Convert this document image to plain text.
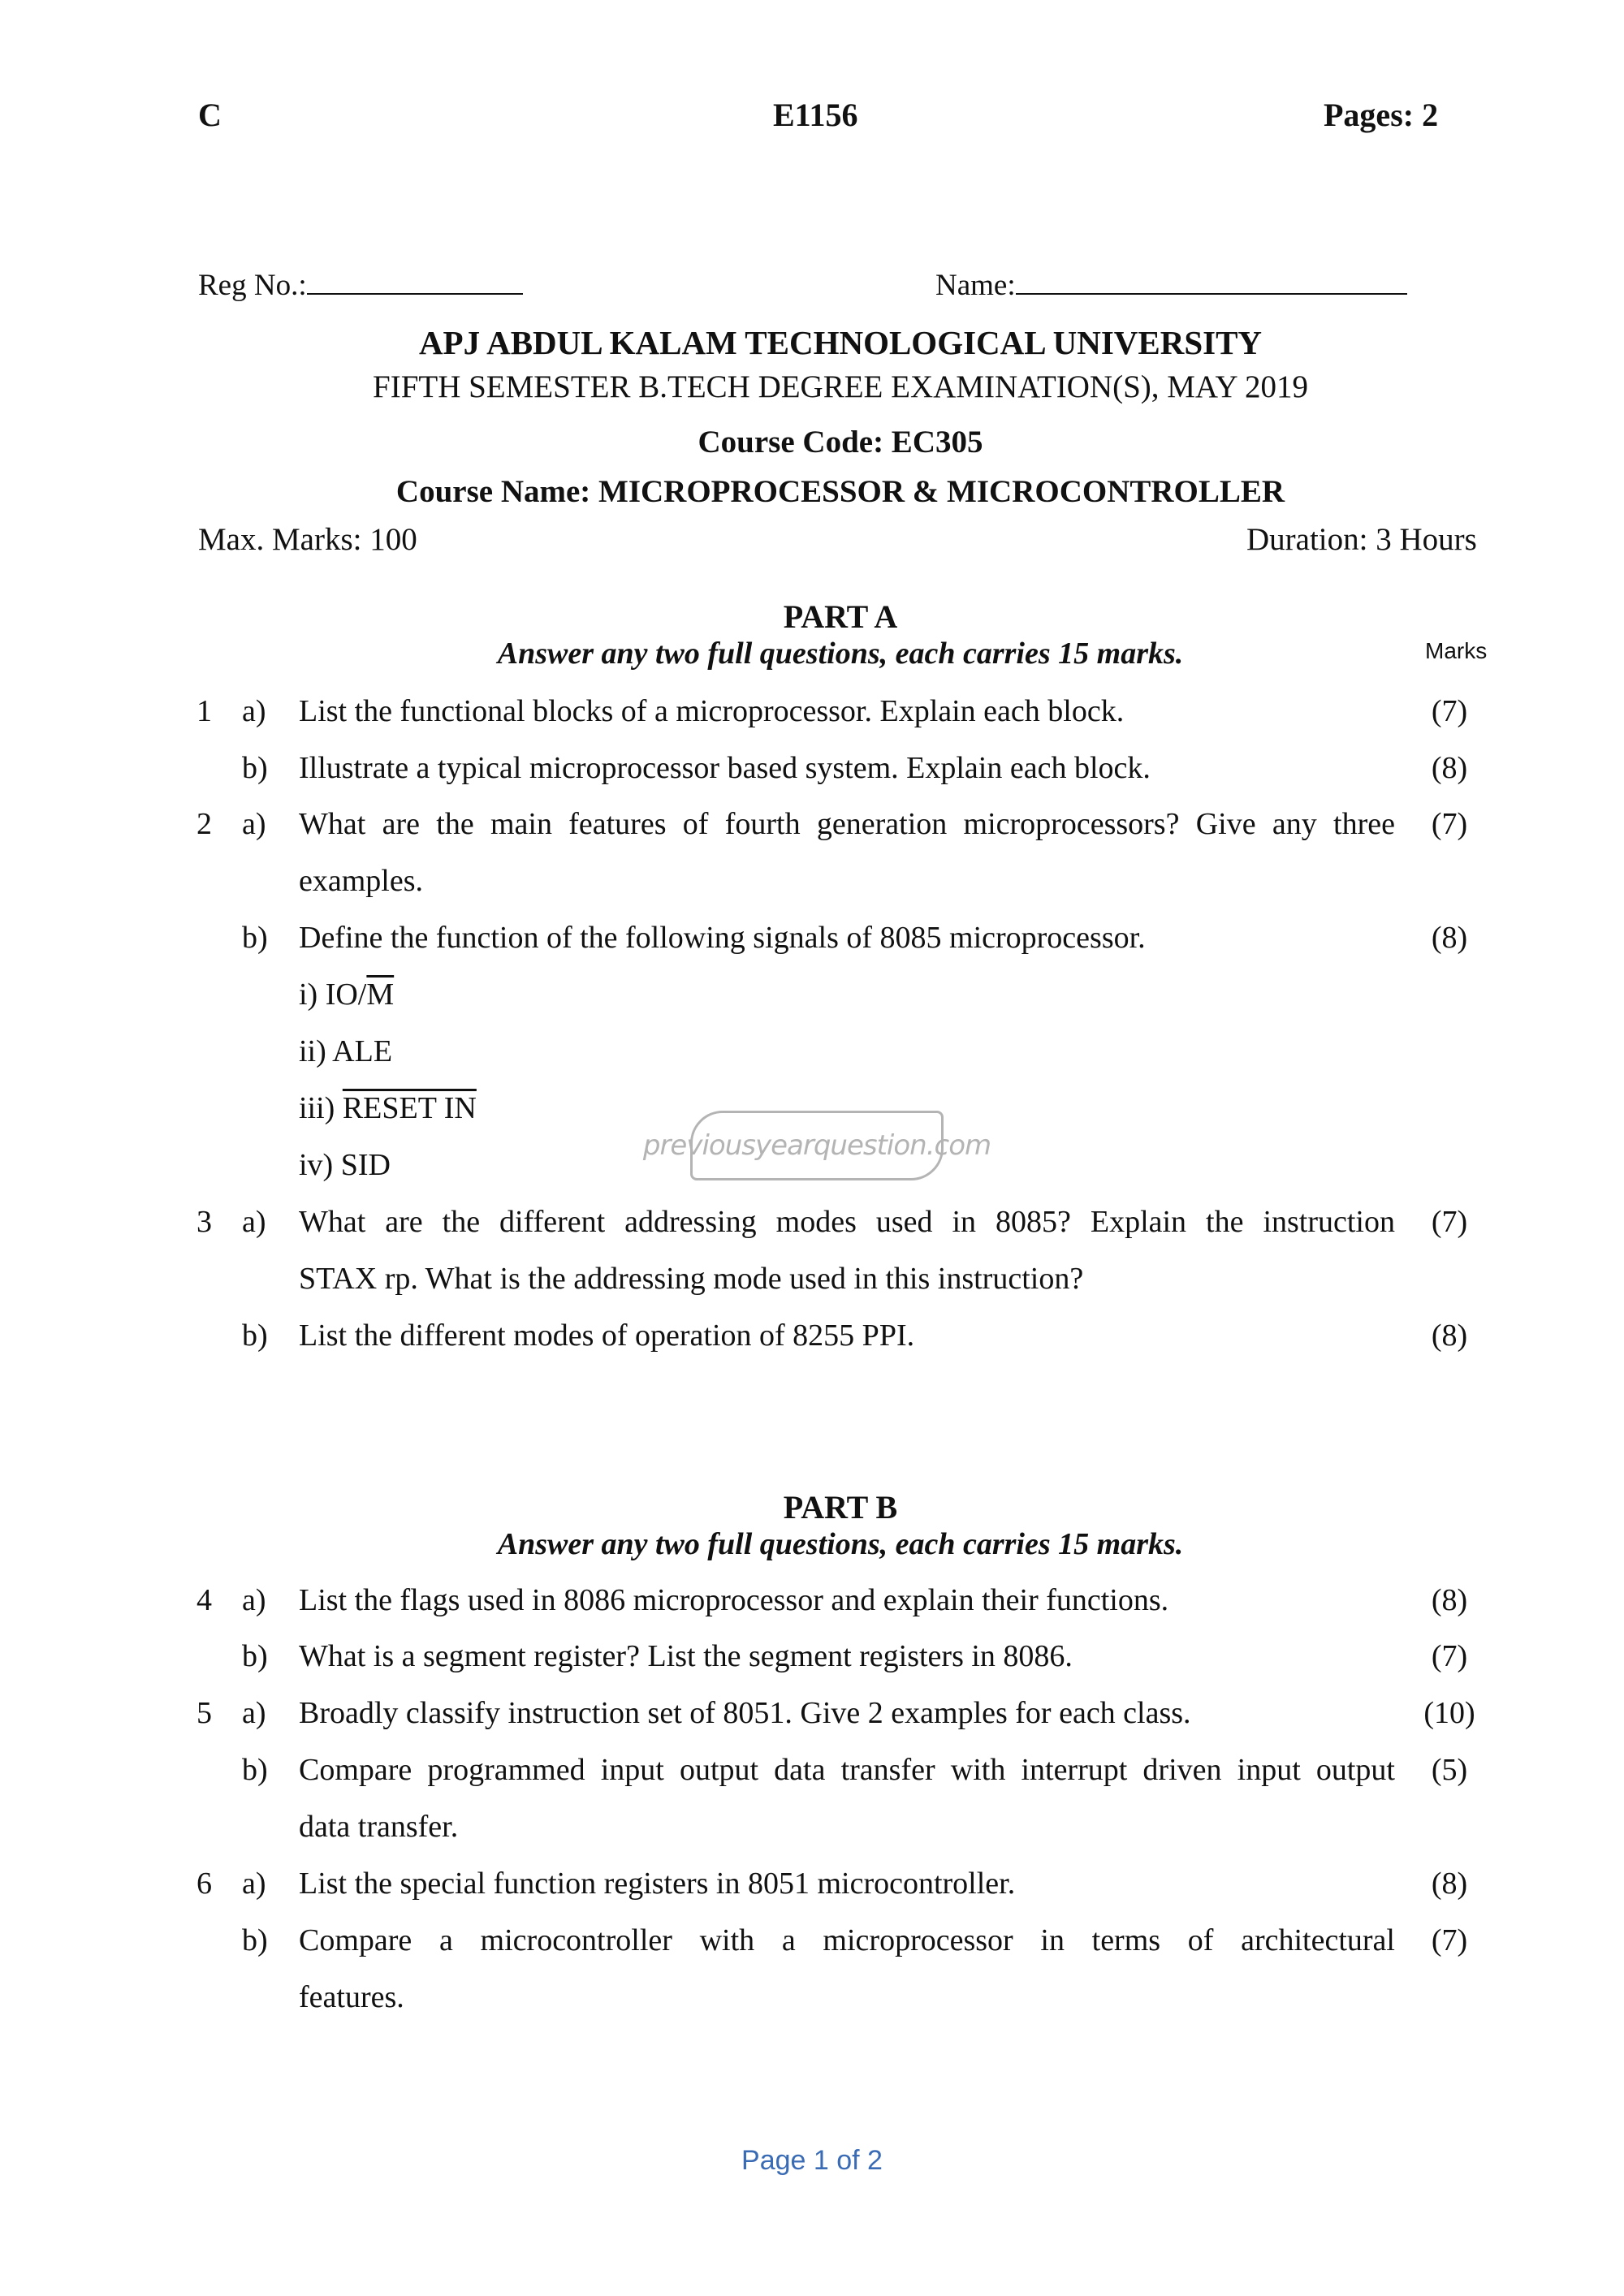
C	E1156	Pages: 2
Reg No.:	Name:
APJ ABDUL KALAM TECHNOLOGICAL UNIVERSITY
FIFTH SEMESTER B.TECH DEGREE EXAMINATION(S), MAY 2019
Course Code: EC305
Course Name: MICROPROCESSOR & MICROCONTROLLER
Max. Marks: 100	Duration: 3 Hours
PART A
Answer any two full questions, each carries 15 marks.	Marks
1 a) List the functional blocks of a microprocessor. Explain each block.	(7)
b) Illustrate a typical microprocessor based system. Explain each block.	(8)
2 a) What are the main features of fourth generation microprocessors? Give any three
examples.
(7)
b) Define the function of the following signals of 8085 microprocessor.	(8)
i) $IO/\overline{M}$
ii) ALE
iii) RESET IN
iv) SID
previousyearquestion.com
3 a) What are the different addressing modes used in 8085? Explain the instruction
STAX rp. What is the addressing mode used in this instruction?
(7)
b) List the different modes of operation of 8255 PPI.	(8)
PART B
Answer any two full questions, each carries 15 marks.
4 a) List the flags used in 8086 microprocessor and explain their functions.	(8)
b) What is a segment register? List the segment registers in 8086.	(7)
5 a) Broadly classify instruction set of 8051. Give 2 examples for each class.	(10)
b) Compare programmed input output data transfer with interrupt driven input output
data transfer.
(5)
6 a) List the special function registers in 8051 microcontroller.	(8)
b) Compare a microcontroller with a microprocessor in terms of architectural
features.
(7)
Page 1 of 2
